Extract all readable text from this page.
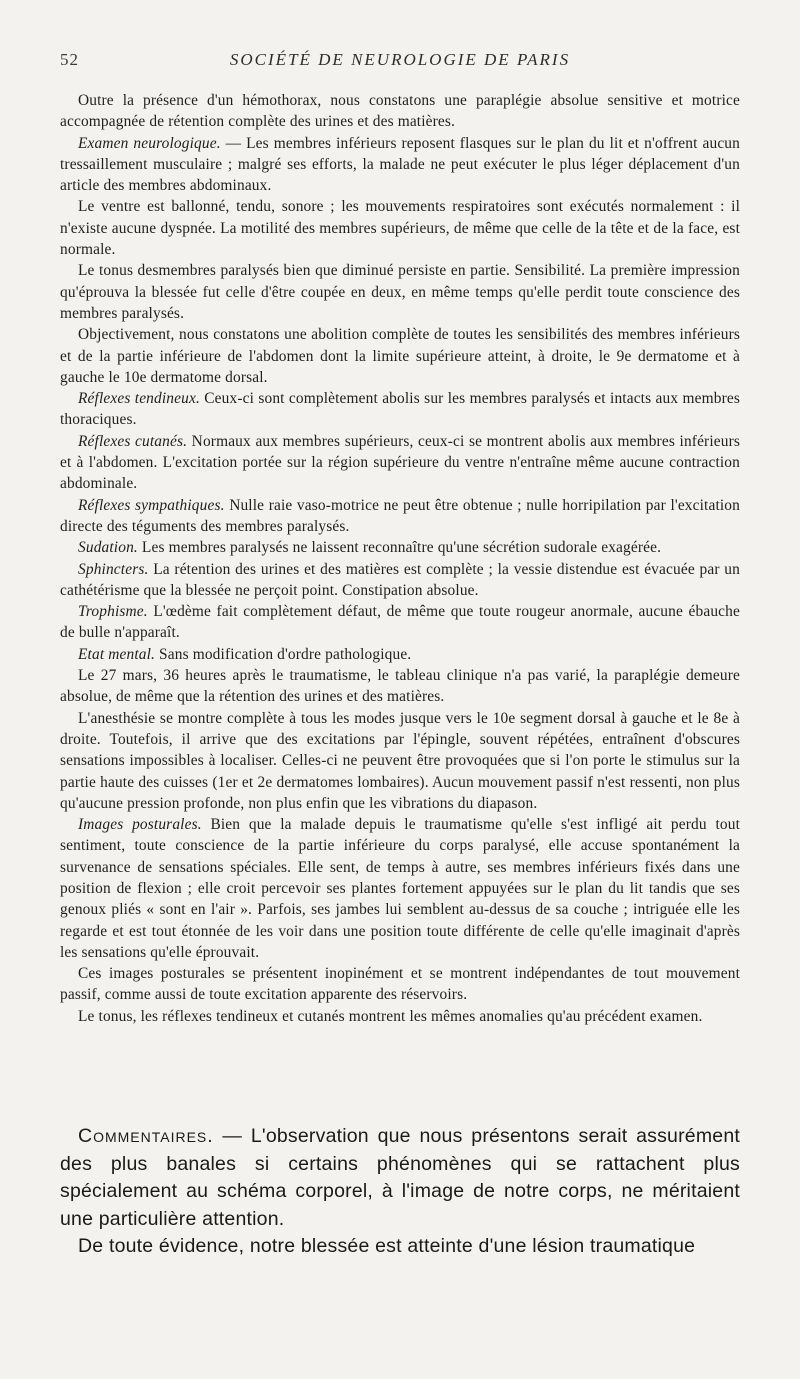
52	SOCIÉTÉ DE NEUROLOGIE DE PARIS

Outre la présence d'un hémothorax, nous constatons une paraplégie absolue sensitive et motrice accompagnée de rétention complète des urines et des matières.

Examen neurologique. — Les membres inférieurs reposent flasques sur le plan du lit et n'offrent aucun tressaillement musculaire ; malgré ses efforts, la malade ne peut exécuter le plus léger déplacement d'un article des membres abdominaux.

Le ventre est ballonné, tendu, sonore ; les mouvements respiratoires sont exécutés normalement : il n'existe aucune dyspnée. La motilité des membres supérieurs, de même que celle de la tête et de la face, est normale.

Le tonus desmembres paralysés bien que diminué persiste en partie. Sensibilité. La première impression qu'éprouva la blessée fut celle d'être coupée en deux, en même temps qu'elle perdit toute conscience des membres paralysés.

Objectivement, nous constatons une abolition complète de toutes les sensibilités des membres inférieurs et de la partie inférieure de l'abdomen dont la limite supérieure atteint, à droite, le 9e dermatome et à gauche le 10e dermatome dorsal.

Réflexes tendineux. Ceux-ci sont complètement abolis sur les membres paralysés et intacts aux membres thoraciques.

Réflexes cutanés. Normaux aux membres supérieurs, ceux-ci se montrent abolis aux membres inférieurs et à l'abdomen. L'excitation portée sur la région supérieure du ventre n'entraîne même aucune contraction abdominale.

Réflexes sympathiques. Nulle raie vaso-motrice ne peut être obtenue ; nulle horripilation par l'excitation directe des téguments des membres paralysés.

Sudation. Les membres paralysés ne laissent reconnaître qu'une sécrétion sudorale exagérée.

Sphincters. La rétention des urines et des matières est complète ; la vessie distendue est évacuée par un cathétérisme que la blessée ne perçoit point. Constipation absolue.

Trophisme. L'œdème fait complètement défaut, de même que toute rougeur anormale, aucune ébauche de bulle n'apparaît.

Etat mental. Sans modification d'ordre pathologique.

Le 27 mars, 36 heures après le traumatisme, le tableau clinique n'a pas varié, la paraplégie demeure absolue, de même que la rétention des urines et des matières.

L'anesthésie se montre complète à tous les modes jusque vers le 10e segment dorsal à gauche et le 8e à droite. Toutefois, il arrive que des excitations par l'épingle, souvent répétées, entraînent d'obscures sensations impossibles à localiser. Celles-ci ne peuvent être provoquées que si l'on porte le stimulus sur la partie haute des cuisses (1er et 2e dermatomes lombaires). Aucun mouvement passif n'est ressenti, non plus qu'aucune pression profonde, non plus enfin que les vibrations du diapason.

Images posturales. Bien que la malade depuis le traumatisme qu'elle s'est infligé ait perdu tout sentiment, toute conscience de la partie inférieure du corps paralysé, elle accuse spontanément la survenance de sensations spéciales. Elle sent, de temps à autre, ses membres inférieurs fixés dans une position de flexion ; elle croit percevoir ses plantes fortement appuyées sur le plan du lit tandis que ses genoux pliés « sont en l'air ». Parfois, ses jambes lui semblent au-dessus de sa couche ; intriguée elle les regarde et est tout étonnée de les voir dans une position toute différente de celle qu'elle imaginait d'après les sensations qu'elle éprouvait.

Ces images posturales se présentent inopinément et se montrent indépendantes de tout mouvement passif, comme aussi de toute excitation apparente des réservoirs.

Le tonus, les réflexes tendineux et cutanés montrent les mêmes anomalies qu'au précédent examen.

Commentaires. — L'observation que nous présentons serait assurément des plus banales si certains phénomènes qui se rattachent plus spécialement au schéma corporel, à l'image de notre corps, ne méritaient une particulière attention.

De toute évidence, notre blessée est atteinte d'une lésion traumatique
